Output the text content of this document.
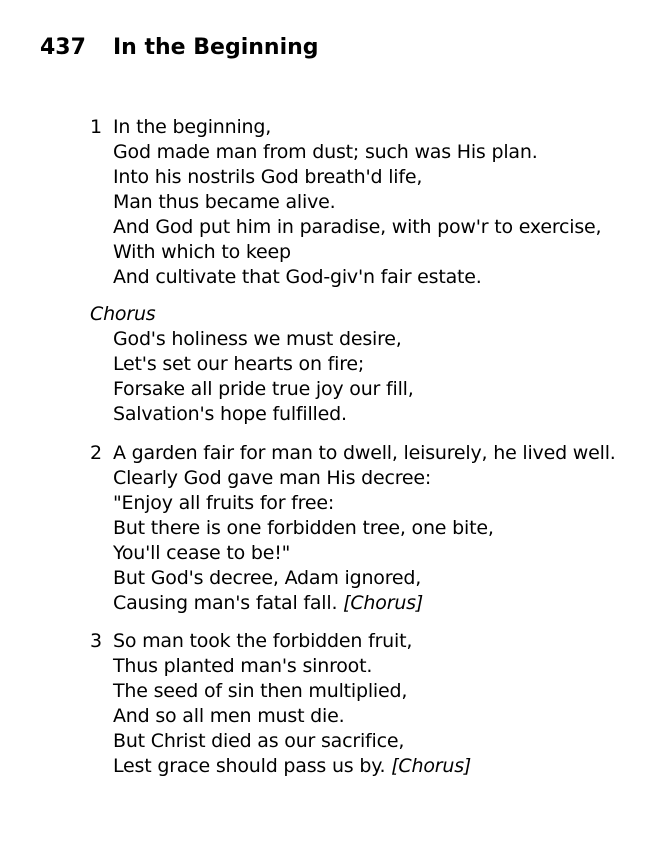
437 In the Beginning
1 In the beginning,
God made man from dust; such was His plan.
Into his nostrils God breath'd life,
Man thus became alive.
And God put him in paradise, with pow'r to exercise,
With which to keep
And cultivate that God-giv'n fair estate.
Chorus
God's holiness we must desire,
Let's set our hearts on fire;
Forsake all pride true joy our fill,
Salvation's hope fulfilled.
2 A garden fair for man to dwell, leisurely, he lived well.
Clearly God gave man His decree:
"Enjoy all fruits for free:
But there is one forbidden tree, one bite,
You'll cease to be!"
But God's decree, Adam ignored,
Causing man's fatal fall. [Chorus]
3 So man took the forbidden fruit,
Thus planted man's sinroot.
The seed of sin then multiplied,
And so all men must die.
But Christ died as our sacrifice,
Lest grace should pass us by. [Chorus]
